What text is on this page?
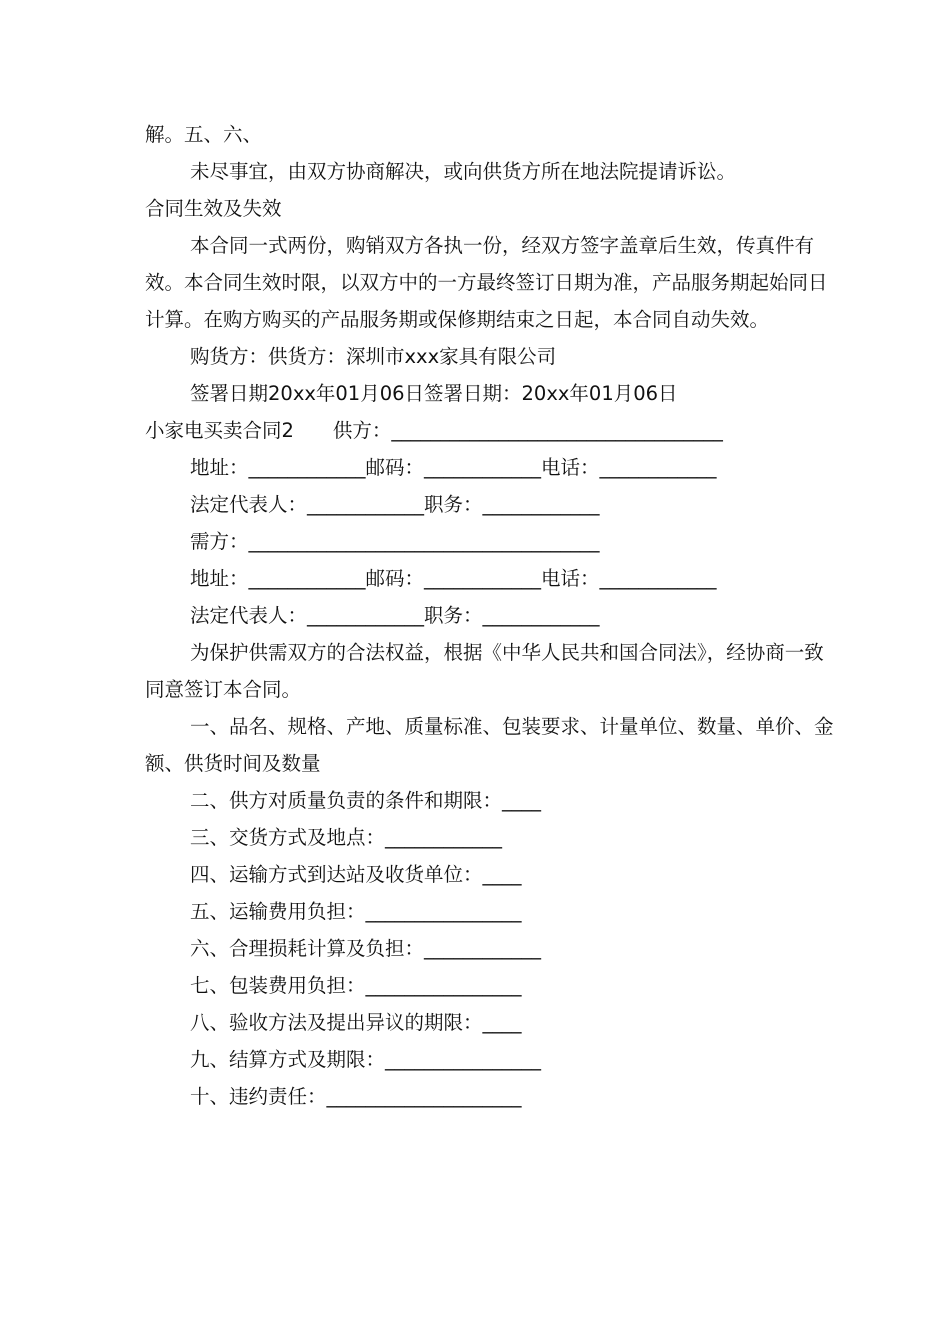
解。五、六、

未尽事宜，由双方协商解决，或向供货方所在地法院提请诉讼。

合同生效及失效

本合同一式两份，购销双方各执一份，经双方签字盖章后生效，传真件有效。本合同生效时限，以双方中的一方最终签订日期为准，产品服务期起始同日计算。在购方购买的产品服务期或保修期结束之日起，本合同自动失效。

购货方：供货方：深圳市xxx家具有限公司

签署日期20xx年01月06日签署日期：20xx年01月06日

小家电买卖合同2　　供方：__________________________________

地址：____________邮码：____________电话：____________

法定代表人：____________职务：____________

需方：____________________________________

地址：____________邮码：____________电话：____________

法定代表人：____________职务：____________

为保护供需双方的合法权益，根据《中华人民共和国合同法》，经协商一致同意签订本合同。

一、品名、规格、产地、质量标准、包装要求、计量单位、数量、单价、金额、供货时间及数量

二、供方对质量负责的条件和期限：____

三、交货方式及地点：____________

四、运输方式到达站及收货单位：____

五、运输费用负担：________________

六、合理损耗计算及负担：____________

七、包装费用负担：________________

八、验收方法及提出异议的期限：____

九、结算方式及期限：________________

十、违约责任：____________________
